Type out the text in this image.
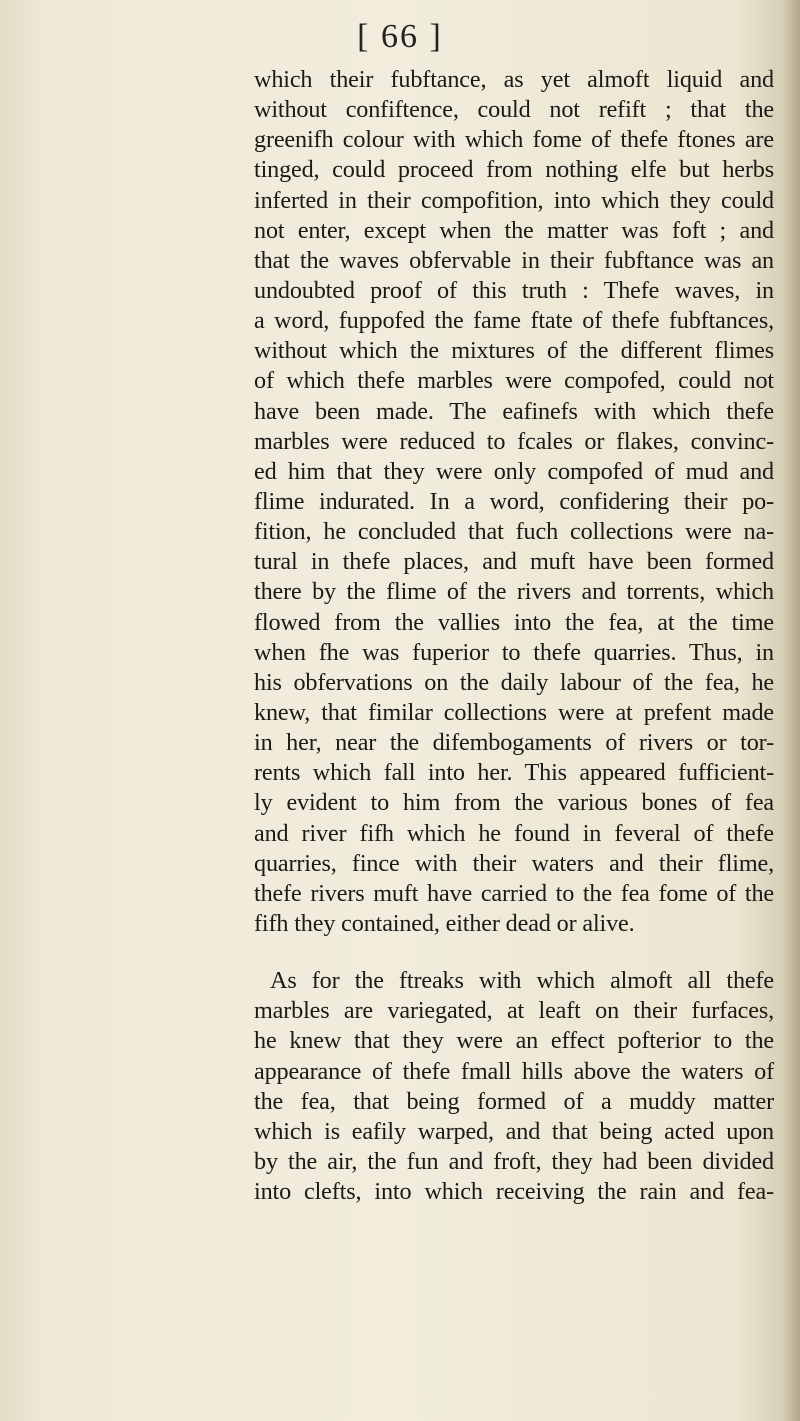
[ 66 ]
which their fubftance, as yet almoft liquid and
without confiftence, could not refift ; that the
greenifh colour with which fome of thefe ftones are
tinged, could proceed from nothing elfe but herbs
inferted in their compofition, into which they could
not enter, except when the matter was foft ; and
that the waves obfervable in their fubftance was an
undoubted proof of this truth : Thefe waves, in
a word, fuppofed the fame ftate of thefe fubftances,
without which the mixtures of the different flimes
of which thefe marbles were compofed, could not
have been made. The eafinefs with which thefe
marbles were reduced to fcales or flakes, convinc-
ed him that they were only compofed of mud and
flime indurated. In a word, confidering their po-
fition, he concluded that fuch collections were na-
tural in thefe places, and muft have been formed
there by the flime of the rivers and torrents, which
flowed from the vallies into the fea, at the time
when fhe was fuperior to thefe quarries. Thus, in
his obfervations on the daily labour of the fea, he
knew, that fimilar collections were at prefent made
in her, near the difembogaments of rivers or tor-
rents which fall into her. This appeared fufficient-
ly evident to him from the various bones of fea
and river fifh which he found in feveral of thefe
quarries, fince with their waters and their flime,
thefe rivers muft have carried to the fea fome of the
fifh they contained, either dead or alive.
As for the ftreaks with which almoft all thefe
marbles are variegated, at leaft on their furfaces,
he knew that they were an effect pofterior to the
appearance of thefe fmall hills above the waters of
the fea, that being formed of a muddy matter
which is eafily warped, and that being acted upon
by the air, the fun and froft, they had been divided
into clefts, into which receiving the rain and fea-
